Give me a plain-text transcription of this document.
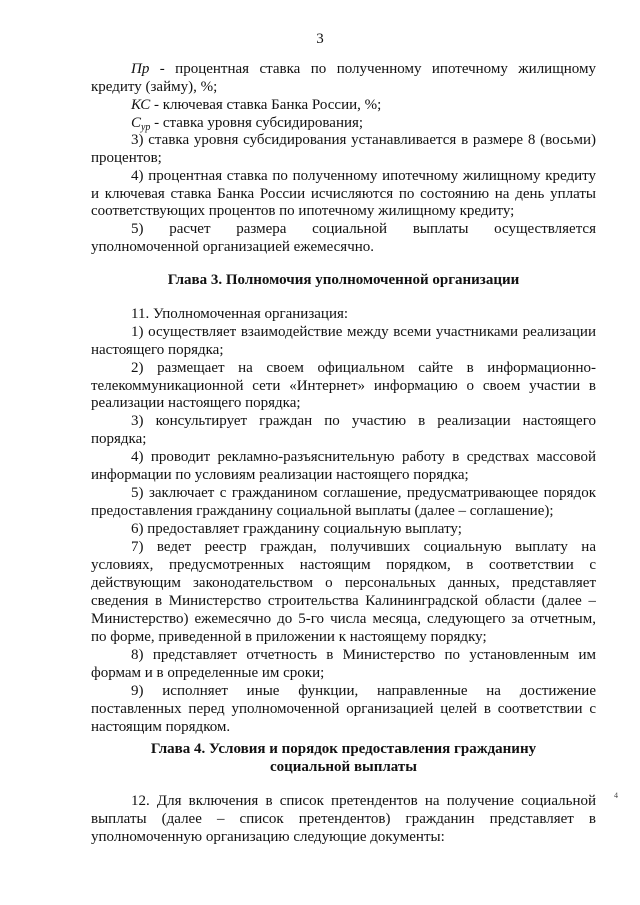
3
Пр - процентная ставка по полученному ипотечному жилищному
кредиту (займу), %;
КС - ключевая ставка Банка России, %;
$С_{ур}$ - ставка уровня субсидирования;
3) ставка уровня субсидирования устанавливается в размере 8 (восьми)
процентов;
4) процентная ставка по полученному ипотечному жилищному кредиту
и ключевая ставка Банка России исчисляются по состоянию на день уплаты
соответствующих процентов по ипотечному жилищному кредиту;
5) расчет размера социальной выплаты осуществляется
уполномоченной организацией ежемесячно.
Глава 3. Полномочия уполномоченной организации
11. Уполномоченная организация:
1) осуществляет взаимодействие между всеми участниками реализации
настоящего порядка;
2) размещает на своем официальном сайте в информационно-
телекоммуникационной сети «Интернет» информацию о своем участии в
реализации настоящего порядка;
3) консультирует граждан по участию в реализации настоящего
порядка;
4) проводит рекламно-разъяснительную работу в средствах массовой
информации по условиям реализации настоящего порядка;
5) заключает с гражданином соглашение, предусматривающее порядок
предоставления гражданину социальной выплаты (далее – соглашение);
6) предоставляет гражданину социальную выплату;
7) ведет реестр граждан, получивших социальную выплату на
условиях, предусмотренных настоящим порядком, в соответствии с
действующим законодательством о персональных данных, представляет
сведения в Министерство строительства Калининградской области (далее –
Министерство) ежемесячно до 5-го числа месяца, следующего за отчетным,
по форме, приведенной в приложении к настоящему порядку;
8) представляет отчетность в Министерство по установленным им
формам и в определенные им сроки;
9) исполняет иные функции, направленные на достижение
поставленных перед уполномоченной организацией целей в соответствии с
настоящим порядком.
Глава 4. Условия и порядок предоставления гражданину
социальной выплаты
12. Для включения в список претендентов на получение социальной
выплаты (далее – список претендентов) гражданин представляет в
уполномоченную организацию следующие документы:
4
